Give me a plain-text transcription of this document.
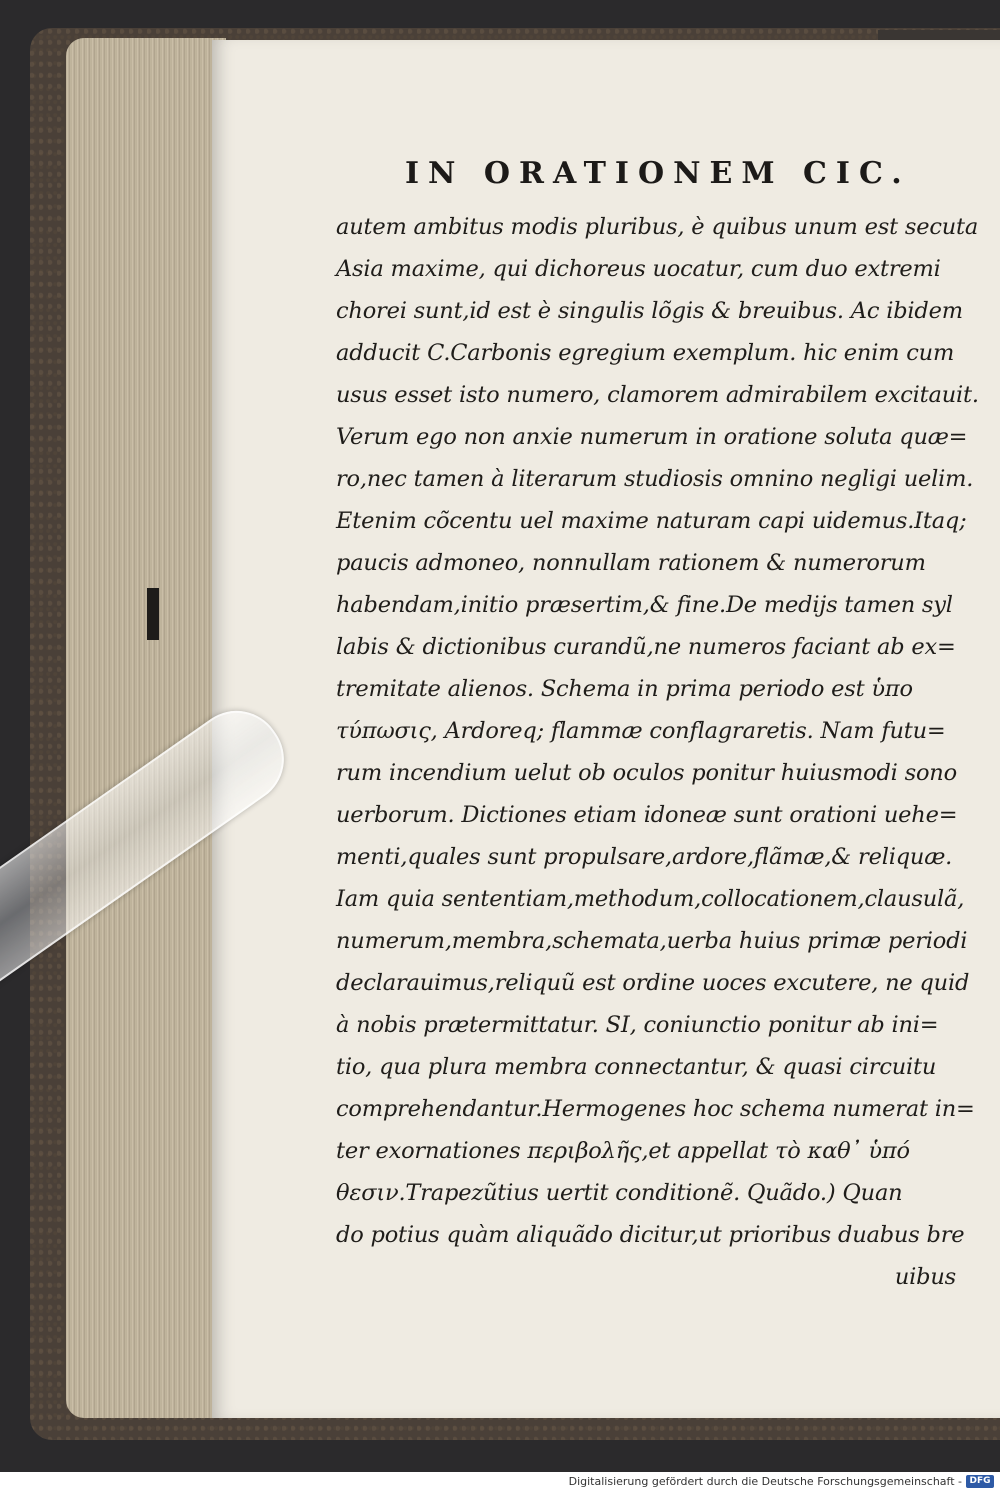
IN ORATIONEM CIC.
autem ambitus modis pluribus, è quibus unum est secuta
Asia maxime, qui dichoreus uocatur, cum duo extremi
chorei sunt,id est è singulis lõgis & breuibus. Ac ibidem
adducit C.Carbonis egregium exemplum. hic enim cum
usus esset isto numero, clamorem admirabilem excitauit.
Verum ego non anxie numerum in oratione soluta quæ=
ro,nec tamen à literarum studiosis omnino negligi uelim.
Etenim cõcentu uel maxime naturam capi uidemus.Itaq;
paucis admoneo, nonnullam rationem & numerorum
habendam,initio præsertim,& fine.De medijs tamen syl
labis & dictionibus curandũ,ne numeros faciant ab ex=
tremitate alienos. Schema in prima periodo est ὑπο
τύπωσις, Ardoreq; flammæ conflagraretis. Nam futu=
rum incendium uelut ob oculos ponitur huiusmodi sono
uerborum. Dictiones etiam idoneæ sunt orationi uehe=
menti,quales sunt propulsare,ardore,flãmæ,& reliquæ.
Iam quia sententiam,methodum,collocationem,clausulã,
numerum,membra,schemata,uerba huius primæ periodi
declarauimus,reliquũ est ordine uoces excutere, ne quid
à nobis prætermittatur. SI, coniunctio ponitur ab ini=
tio, qua plura membra connectantur, & quasi circuitu
comprehendantur.Hermogenes hoc schema numerat in=
ter exornationes περιβολῆς,et appellat τὸ καθ᾽ ὑπό
θεσιν.Trapezũtius uertit conditionẽ. Quãdo.) Quan
do potius quàm aliquãdo dicitur,ut prioribus duabus bre
uibus
Digitalisierung gefördert durch die Deutsche Forschungsgemeinschaft - DFG
